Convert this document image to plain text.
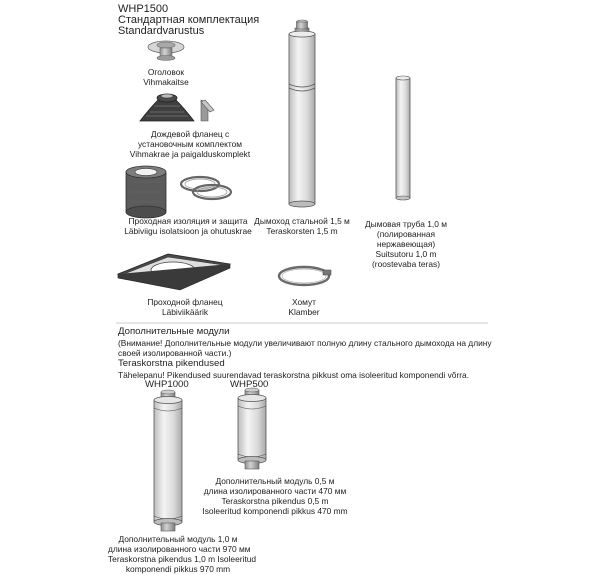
WHP1500
Стандартная комплектация
Standardvarustus
Оголовок
Vihmakaitse
Дождевой фланец с
установочным комплектом
Vihmakrae ja paigalduskomplekt
Проходная изоляция и защита
Läbiviigu isolatsioon ja ohutuskrae
Проходной фланец
Läbiviikäärik
Дымоход стальной 1,5 м
Teraskorsten 1,5 m
Хомут
Klamber
Дымовая труба 1,0 м
(полированная
нержавеющая)
Suitsutoru 1,0 m
(roostevaba teras)
Дополнительные модули
(Внимание! Дополнительные модули увеличивают полную длину стального дымохода на длину
своей изолированной части.)
Teraskorstna pikendused
Tähelepanu! Pikendused suurendavad teraskorstna pikkust oma isoleeritud komponendi võrra.
WHP1000	WHP500
Дополнительный модуль 0,5 м
длина изолированного части 470 мм
Teraskorstna pikendus 0,5 m
Isoleeritud komponendi pikkus 470 mm
Дополнительный модуль 1,0 м
длина изолированного части 970 мм
Teraskorstna pikendus 1,0 m Isoleeritud
komponendi pikkus 970 mm
